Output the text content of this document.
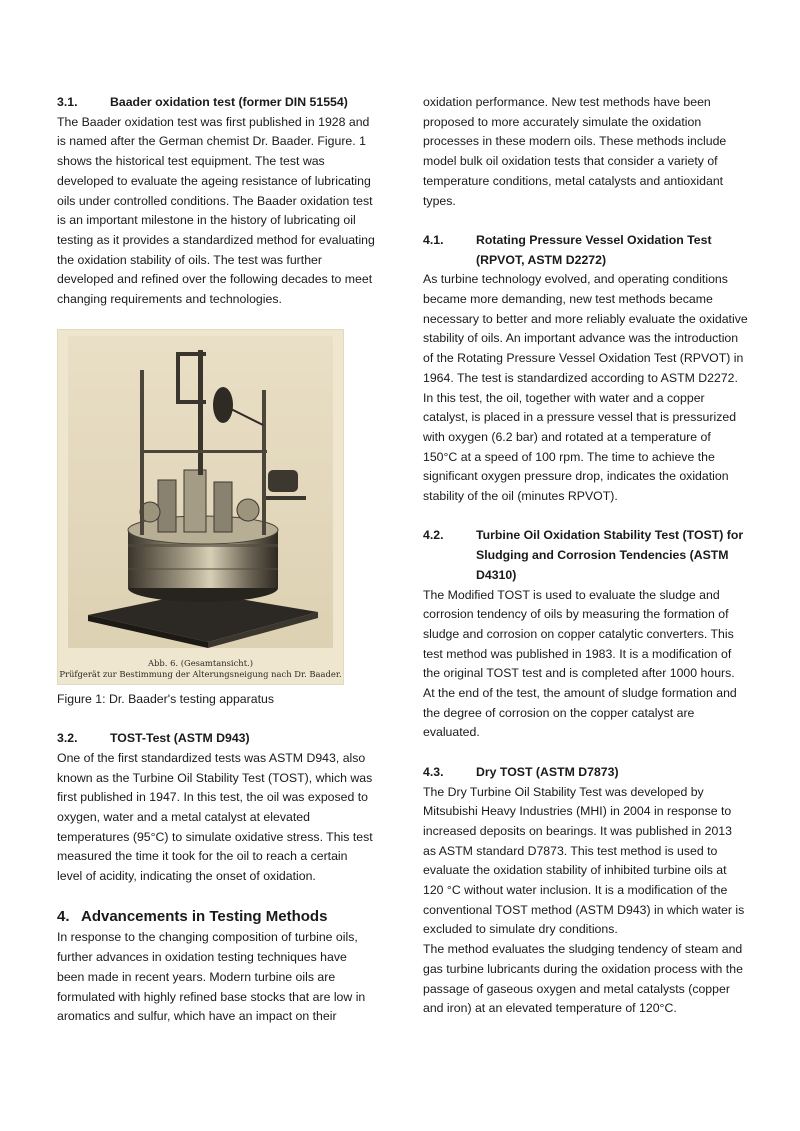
3.1.	Baader oxidation test (former DIN 51554)

The Baader oxidation test was first published in 1928 and is named after the German chemist Dr. Baader. Figure. 1 shows the historical test equipment. The test was developed to evaluate the ageing resistance of lubricating oils under controlled conditions. The Baader oxidation test is an important milestone in the history of lubricating oil testing as it provides a standardized method for evaluating the oxidation stability of oils. The test was further developed and refined over the following decades to meet changing requirements and technologies.

Abb. 6. (Gesamtansicht.)
Prüfgerät zur Bestimmung der Alterungsneigung nach Dr. Baader.

Figure 1: Dr. Baader's testing apparatus

3.2.	TOST-Test (ASTM D943)

One of the first standardized tests was ASTM D943, also known as the Turbine Oil Stability Test (TOST), which was first published in 1947. In this test, the oil was exposed to oxygen, water and a metal catalyst at elevated temperatures (95°C) to simulate oxidative stress. This test measured the time it took for the oil to reach a certain level of acidity, indicating the onset of oxidation.

4. Advancements in Testing Methods

In response to the changing composition of turbine oils, further advances in oxidation testing techniques have been made in recent years. Modern turbine oils are formulated with highly refined base stocks that are low in aromatics and sulfur, which have an impact on their

oxidation performance. New test methods have been proposed to more accurately simulate the oxidation processes in these modern oils. These methods include model bulk oil oxidation tests that consider a variety of temperature conditions, metal catalysts and antioxidant types.

4.1.	Rotating Pressure Vessel Oxidation Test (RPVOT, ASTM D2272)

As turbine technology evolved, and operating conditions became more demanding, new test methods became necessary to better and more reliably evaluate the oxidative stability of oils. An important advance was the introduction of the Rotating Pressure Vessel Oxidation Test (RPVOT) in 1964. The test is standardized according to ASTM D2272. In this test, the oil, together with water and a copper catalyst, is placed in a pressure vessel that is pressurized with oxygen (6.2 bar) and rotated at a temperature of 150°C at a speed of 100 rpm. The time to achieve the significant oxygen pressure drop, indicates the oxidation stability of the oil (minutes RPVOT).

4.2.	Turbine Oil Oxidation Stability Test (TOST) for Sludging and Corrosion Tendencies (ASTM D4310)

The Modified TOST is used to evaluate the sludge and corrosion tendency of oils by measuring the formation of sludge and corrosion on copper catalytic converters. This test method was published in 1983. It is a modification of the original TOST test and is completed after 1000 hours. At the end of the test, the amount of sludge formation and the degree of corrosion on the copper catalyst are evaluated.

4.3.	Dry TOST (ASTM D7873)

The Dry Turbine Oil Stability Test was developed by Mitsubishi Heavy Industries (MHI) in 2004 in response to increased deposits on bearings. It was published in 2013 as ASTM standard D7873. This test method is used to evaluate the oxidation stability of inhibited turbine oils at 120 °C without water inclusion. It is a modification of the conventional TOST method (ASTM D943) in which water is excluded to simulate dry conditions.

The method evaluates the sludging tendency of steam and gas turbine lubricants during the oxidation process with the passage of gaseous oxygen and metal catalysts (copper and iron) at an elevated temperature of 120°C.
